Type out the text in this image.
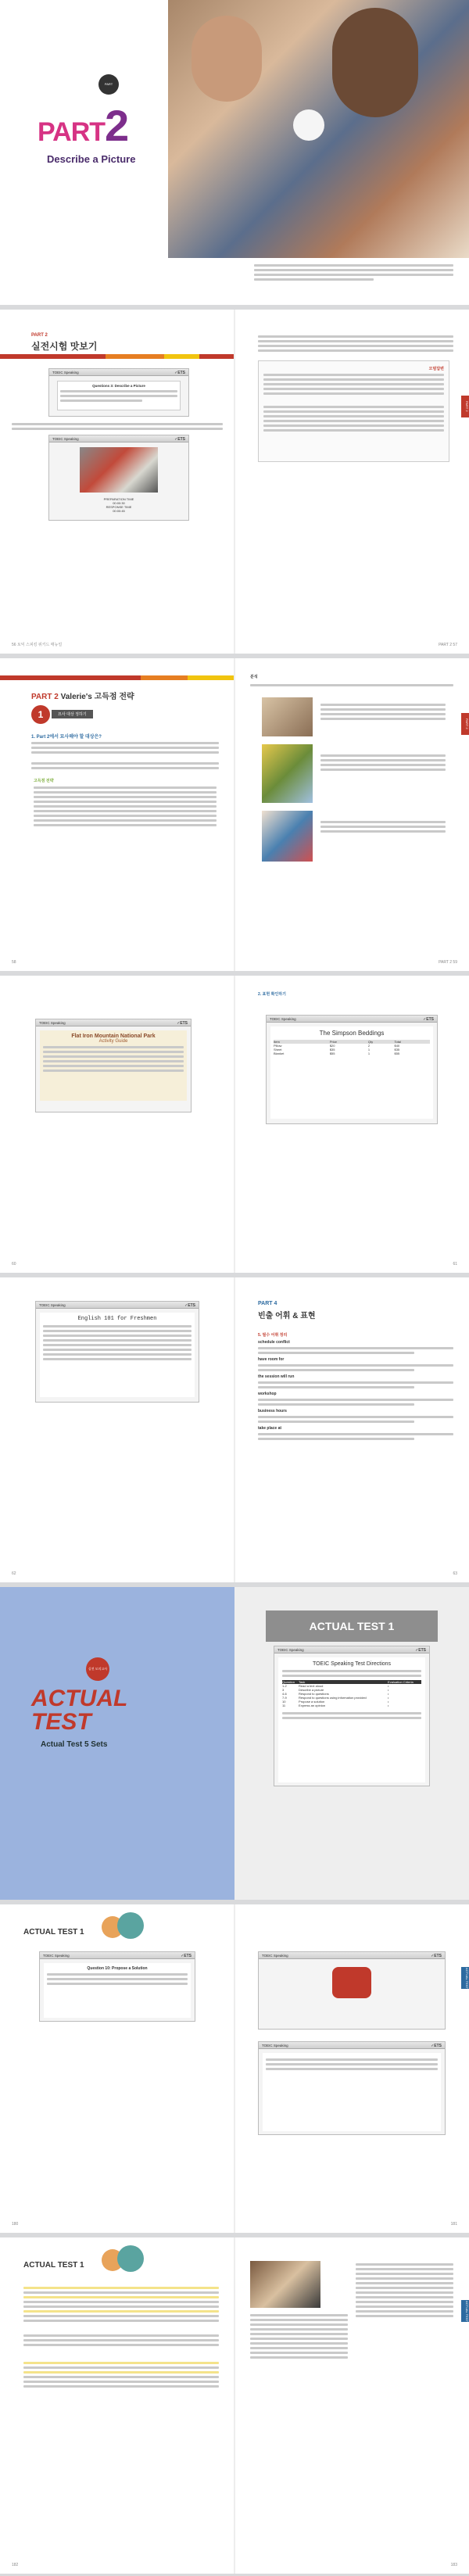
PART
PART2
Describe a Picture
PART 2
실전시험 맛보기
TOEIC Speaking	✓ETS
Questions 3: Describe a Picture
TOEIC Speaking	✓ETS
PREPARATION TIME
00:00:30
RESPONSE TIME
00:00:45
56 토익 스피킹 위키드 매뉴얼
모범답변
PART 2
PART 2 57
PART 2 Valerie's 고득점 전략
1	묘사 대상 정하기
1. Part 2에서 묘사해야 할 대상은?
고득점 전략
58
분석
PART 2
PART 2 59
TOEIC Speaking	✓ETS
Flat Iron Mountain National Park
Activity Guide
60
2. 표현 확인하기
TOEIC Speaking	✓ETS
The Simpson Beddings
Item	Price	Qty	Total
Pillow	$20	2	$40
Sheet	$35	1	$35
Blanket	$55	1	$55
61
TOEIC Speaking	✓ETS
English 101 for Freshmen
62
PART 4
빈출 어휘 & 표현
5. 필수 어휘 정리
schedule conflict
have room for
the session will run
workshop
business hours
take place at
63
실전 모의고사
ACTUAL
TEST
Actual Test 5 Sets
ACTUAL TEST 1
TOEIC Speaking	✓ETS
TOEIC Speaking Test Directions
Question	Task	Evaluation Criteria
1-2	Read a text aloud	•
3	Describe a picture	•
4-6	Respond to questions	•
7-9	Respond to questions using information provided	•
10	Propose a solution	•
11	Express an opinion	•
ACTUAL TEST 1
TOEIC Speaking	✓ETS
Question 10: Propose a Solution
180
TOEIC Speaking	✓ETS
TOEIC Speaking	✓ETS
ACTUAL TEST
181
ACTUAL TEST 1
182
ACTUAL TEST
183
